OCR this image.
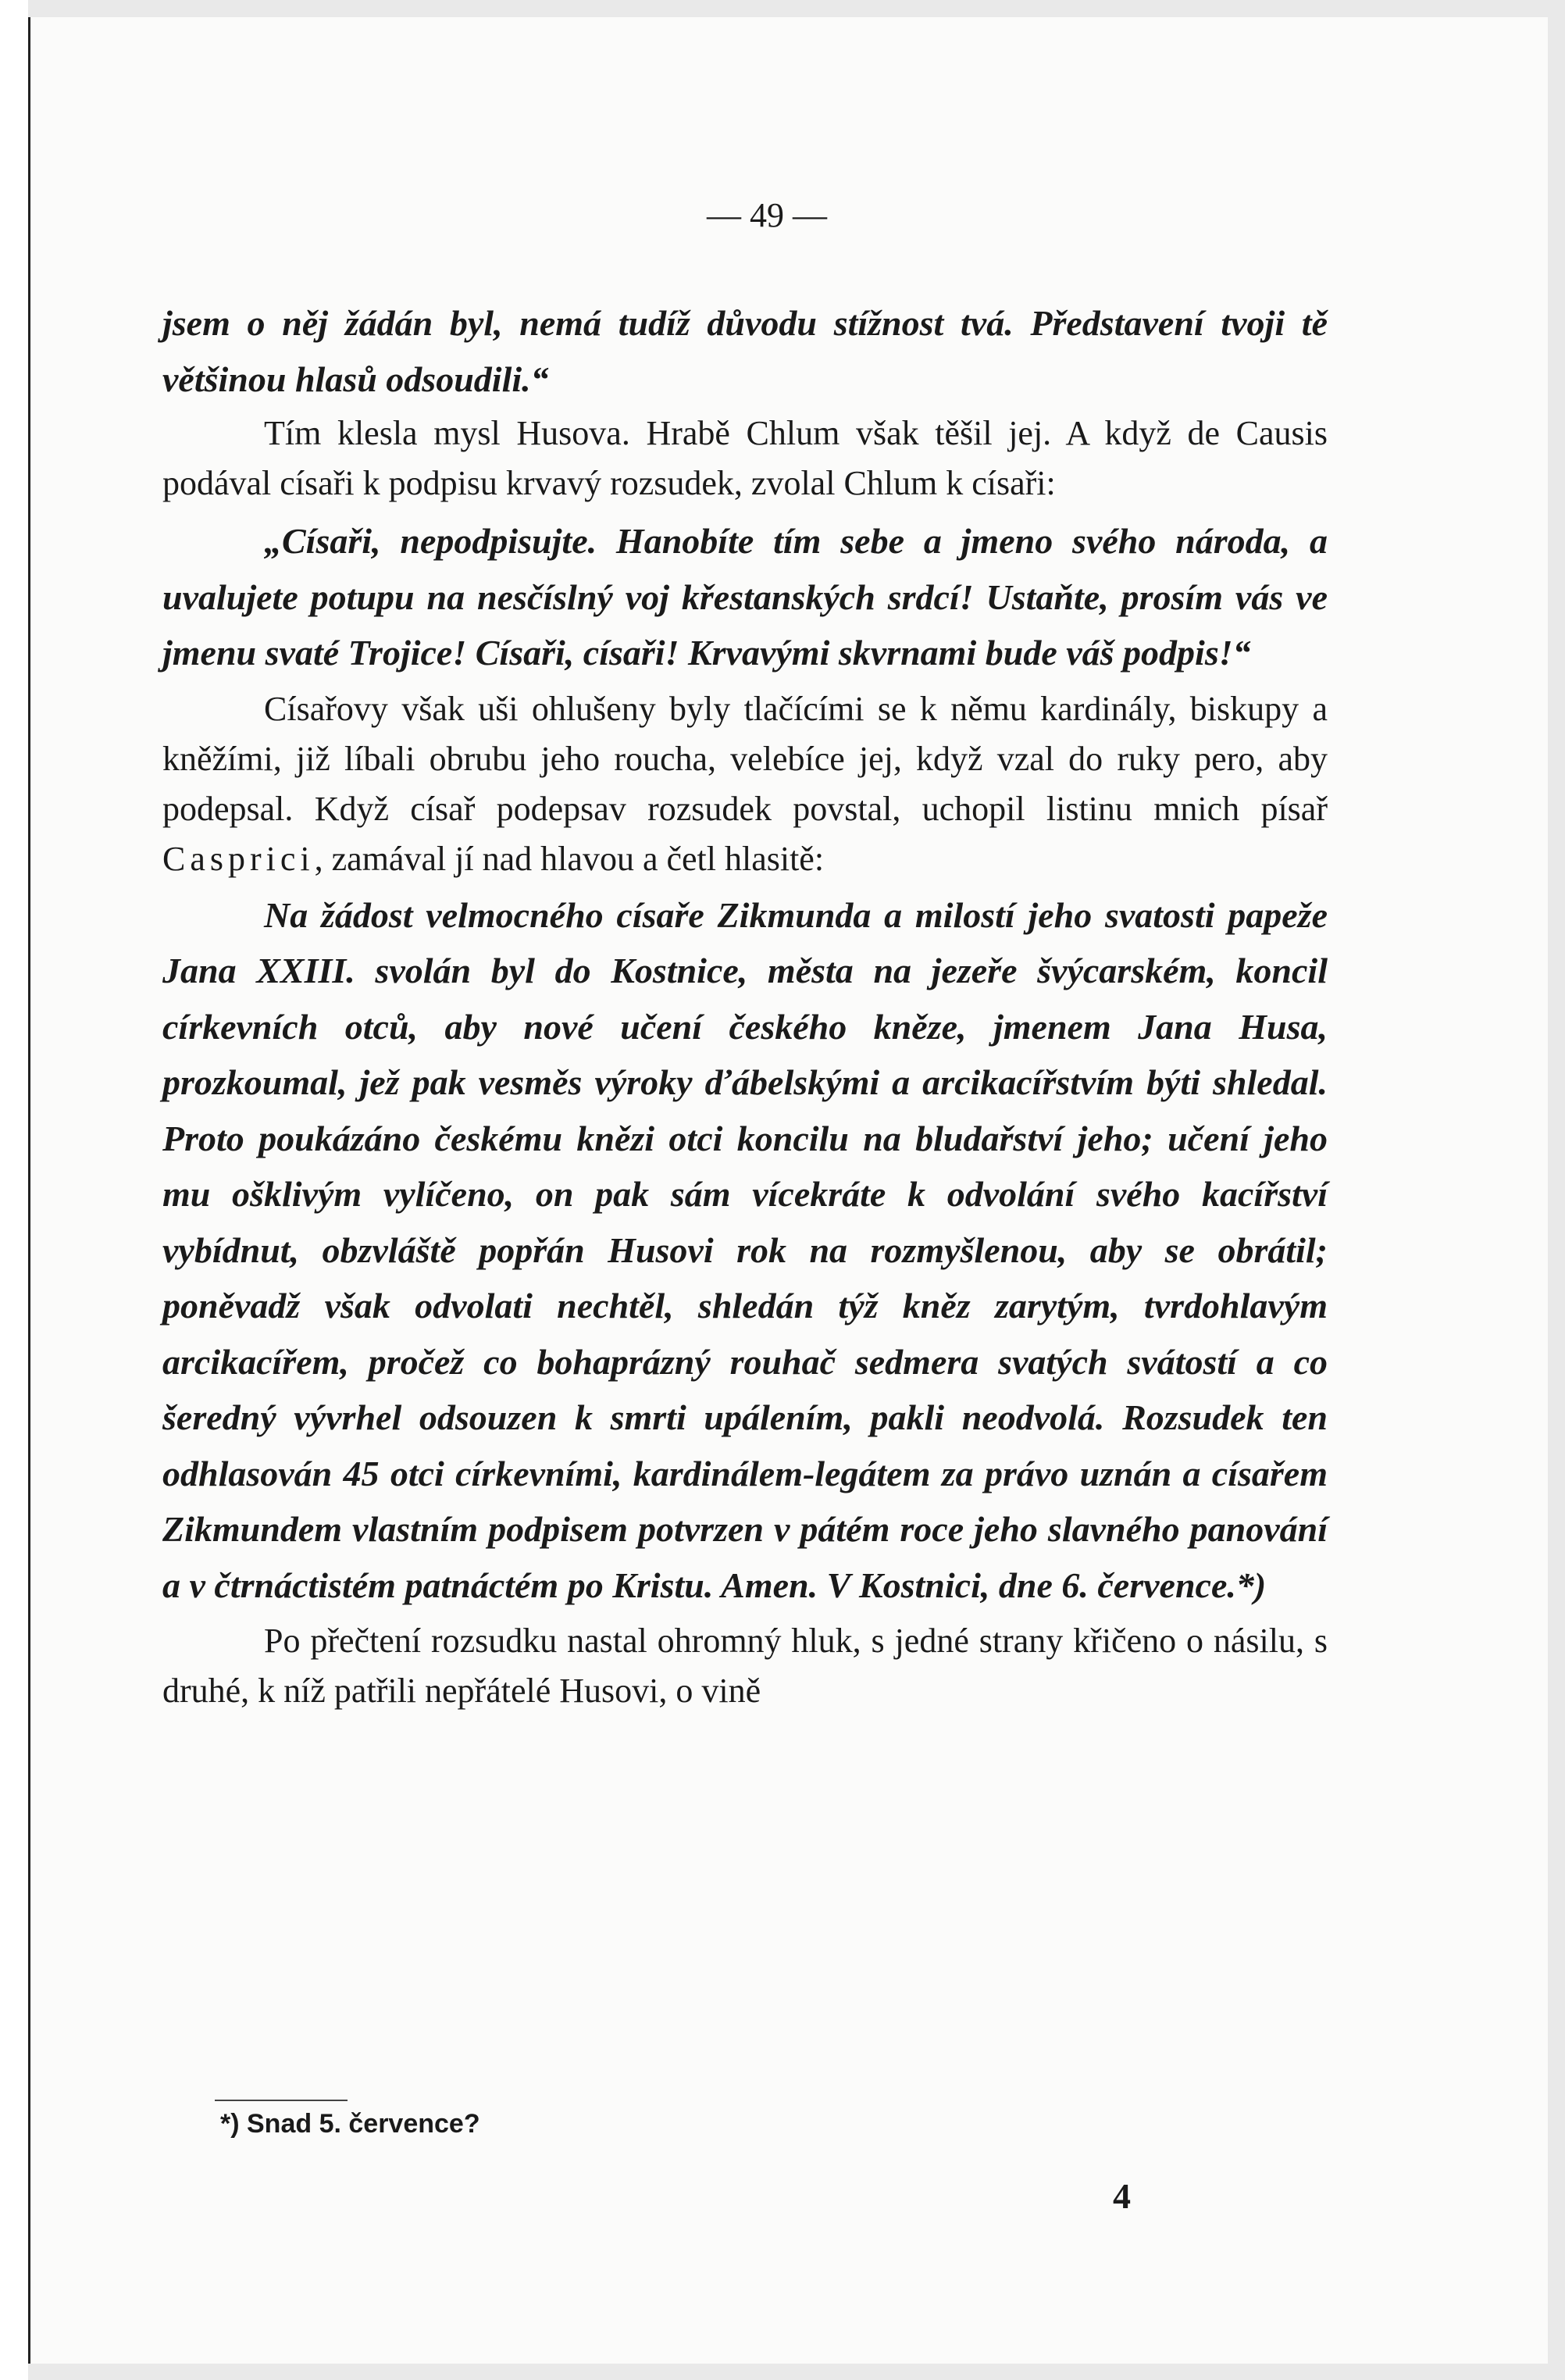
— 49 —

jsem o něj žádán byl, nemá tudíž důvodu stížnost tvá. Představení tvoji tě většinou hlasů odsoudili.“

Tím klesla mysl Husova. Hrabě Chlum však těšil jej. A když de Causis podával císaři k podpisu krvavý rozsudek, zvolal Chlum k císaři:

„Císaři, nepodpisujte. Hanobíte tím sebe a jmeno svého národa, a uvalujete potupu na nesčíslný voj křestanských srdcí! Ustaňte, prosím vás ve jmenu svaté Trojice! Císaři, císaři! Krvavými skvrnami bude váš podpis!“

Císařovy však uši ohlušeny byly tlačícími se k němu kardinály, biskupy a kněžími, již líbali obrubu jeho roucha, velebíce jej, když vzal do ruky pero, aby podepsal. Když císař podepsav rozsudek povstal, uchopil listinu mnich písař Casprici, zamával jí nad hlavou a četl hlasitě:

Na žádost velmocného císaře Zikmunda a milostí jeho svatosti papeže Jana XXIII. svolán byl do Kostnice, města na jezeře švýcarském, koncil církevních otců, aby nové učení českého kněze, jmenem Jana Husa, prozkoumal, jež pak vesměs výroky ďábelskými a arcikacířstvím býti shledal. Proto poukázáno českému knězi otci koncilu na bludařství jeho; učení jeho mu ošklivým vylíčeno, on pak sám vícekráte k odvolání svého kacířství vybídnut, obzvláště popřán Husovi rok na rozmyšlenou, aby se obrátil; poněvadž však odvolati nechtěl, shledán týž kněz zarytým, tvrdohlavým arcikacířem, pročež co bohaprázný rouhač sedmera svatých svátostí a co šeredný vývrhel odsouzen k smrti upálením, pakli neodvolá. Rozsudek ten odhlasován 45 otci církevními, kardinálem-legátem za právo uznán a císařem Zikmundem vlastním podpisem potvrzen v pátém roce jeho slavného panování a v čtrnáctistém patnáctém po Kristu. Amen. V Kostnici, dne 6. července.*)

Po přečtení rozsudku nastal ohromný hluk, s jedné strany křičeno o násilu, s druhé, k níž patřili nepřátelé Husovi, o vině

*) Snad 5. července?
4
